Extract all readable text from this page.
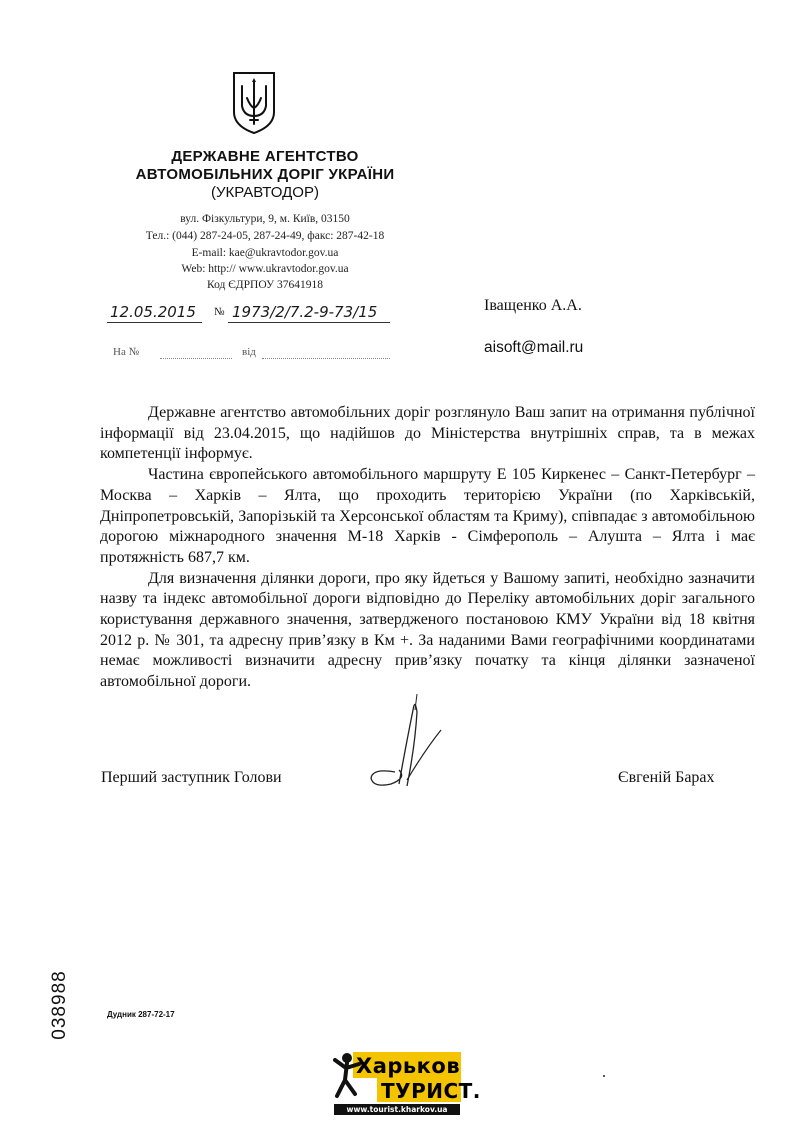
ДЕРЖАВНЕ АГЕНТСТВО
АВТОМОБІЛЬНИХ ДОРІГ УКРАЇНИ
(УКРАВТОДОР)
вул. Фізкультури, 9, м. Київ, 03150
Тел.: (044) 287-24-05, 287-24-49, факс: 287-42-18
E-mail: kae@ukravtodor.gov.ua
Web: http:// www.ukravtodor.gov.ua
Код ЄДРПОУ 37641918
12.05.2015 № 1973/2/7.2-9-73/15
На №	від
Іващенко А.А.
aisoft@mail.ru

Державне агентство автомобільних доріг розглянуло Ваш запит на отримання публічної інформації від 23.04.2015, що надійшов до Міністерства внутрішніх справ, та в межах компетенції інформує.

Частина європейського автомобільного маршруту Е 105 Киркенес – Санкт-Петербург – Москва – Харків – Ялта, що проходить територією України (по Харківській, Дніпропетровській, Запорізькій та Херсонської областям та Криму), співпадає з автомобільною дорогою міжнародного значення М-18 Харків - Сімферополь – Алушта – Ялта і має протяжність 687,7 км.

Для визначення ділянки дороги, про яку йдеться у Вашому запиті, необхідно зазначити назву та індекс автомобільної дороги відповідно до Переліку автомобільних доріг загального користування державного значення, затвердженого постановою КМУ України від 18 квітня 2012 р. № 301, та адресну прив’язку в Км +. За наданими Вами географічними координатами немає можливості визначити адресну прив’язку початку та кінця ділянки зазначеної автомобільної дороги.

Перший заступник Голови	Євгеній Барах
038988	Дудник 287-72-17
Харьков
ТУРИСТ.
www.tourist.kharkov.ua
